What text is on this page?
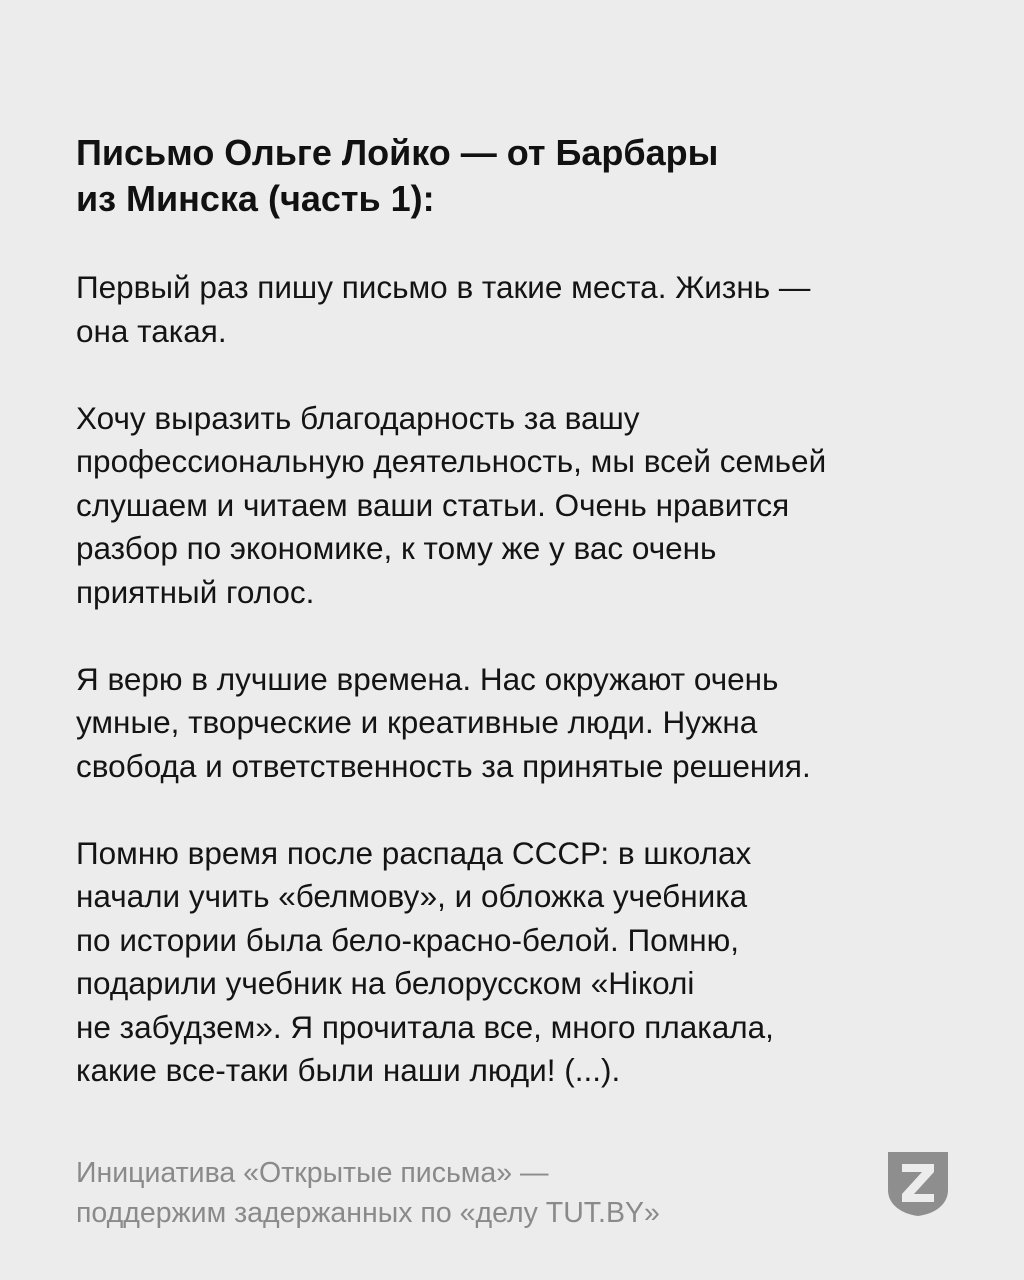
Письмо Ольге Лойко — от Барбары
из Минска (часть 1):

Первый раз пишу письмо в такие места. Жизнь —
она такая.

Хочу выразить благодарность за вашу
профессиональную деятельность, мы всей семьей
слушаем и читаем ваши статьи. Очень нравится
разбор по экономике, к тому же у вас очень
приятный голос.

Я верю в лучшие времена. Нас окружают очень
умные, творческие и креативные люди. Нужна
свобода и ответственность за принятые решения.

Помню время после распада СССР: в школах
начали учить «белмову», и обложка учебника
по истории была бело-красно-белой. Помню,
подарили учебник на белорусском «Ніколі
не забудзем». Я прочитала все, много плакала,
какие все-таки были наши люди! (...).

Инициатива «Открытые письма» —
поддержим задержанных по «делу TUT.BY»
